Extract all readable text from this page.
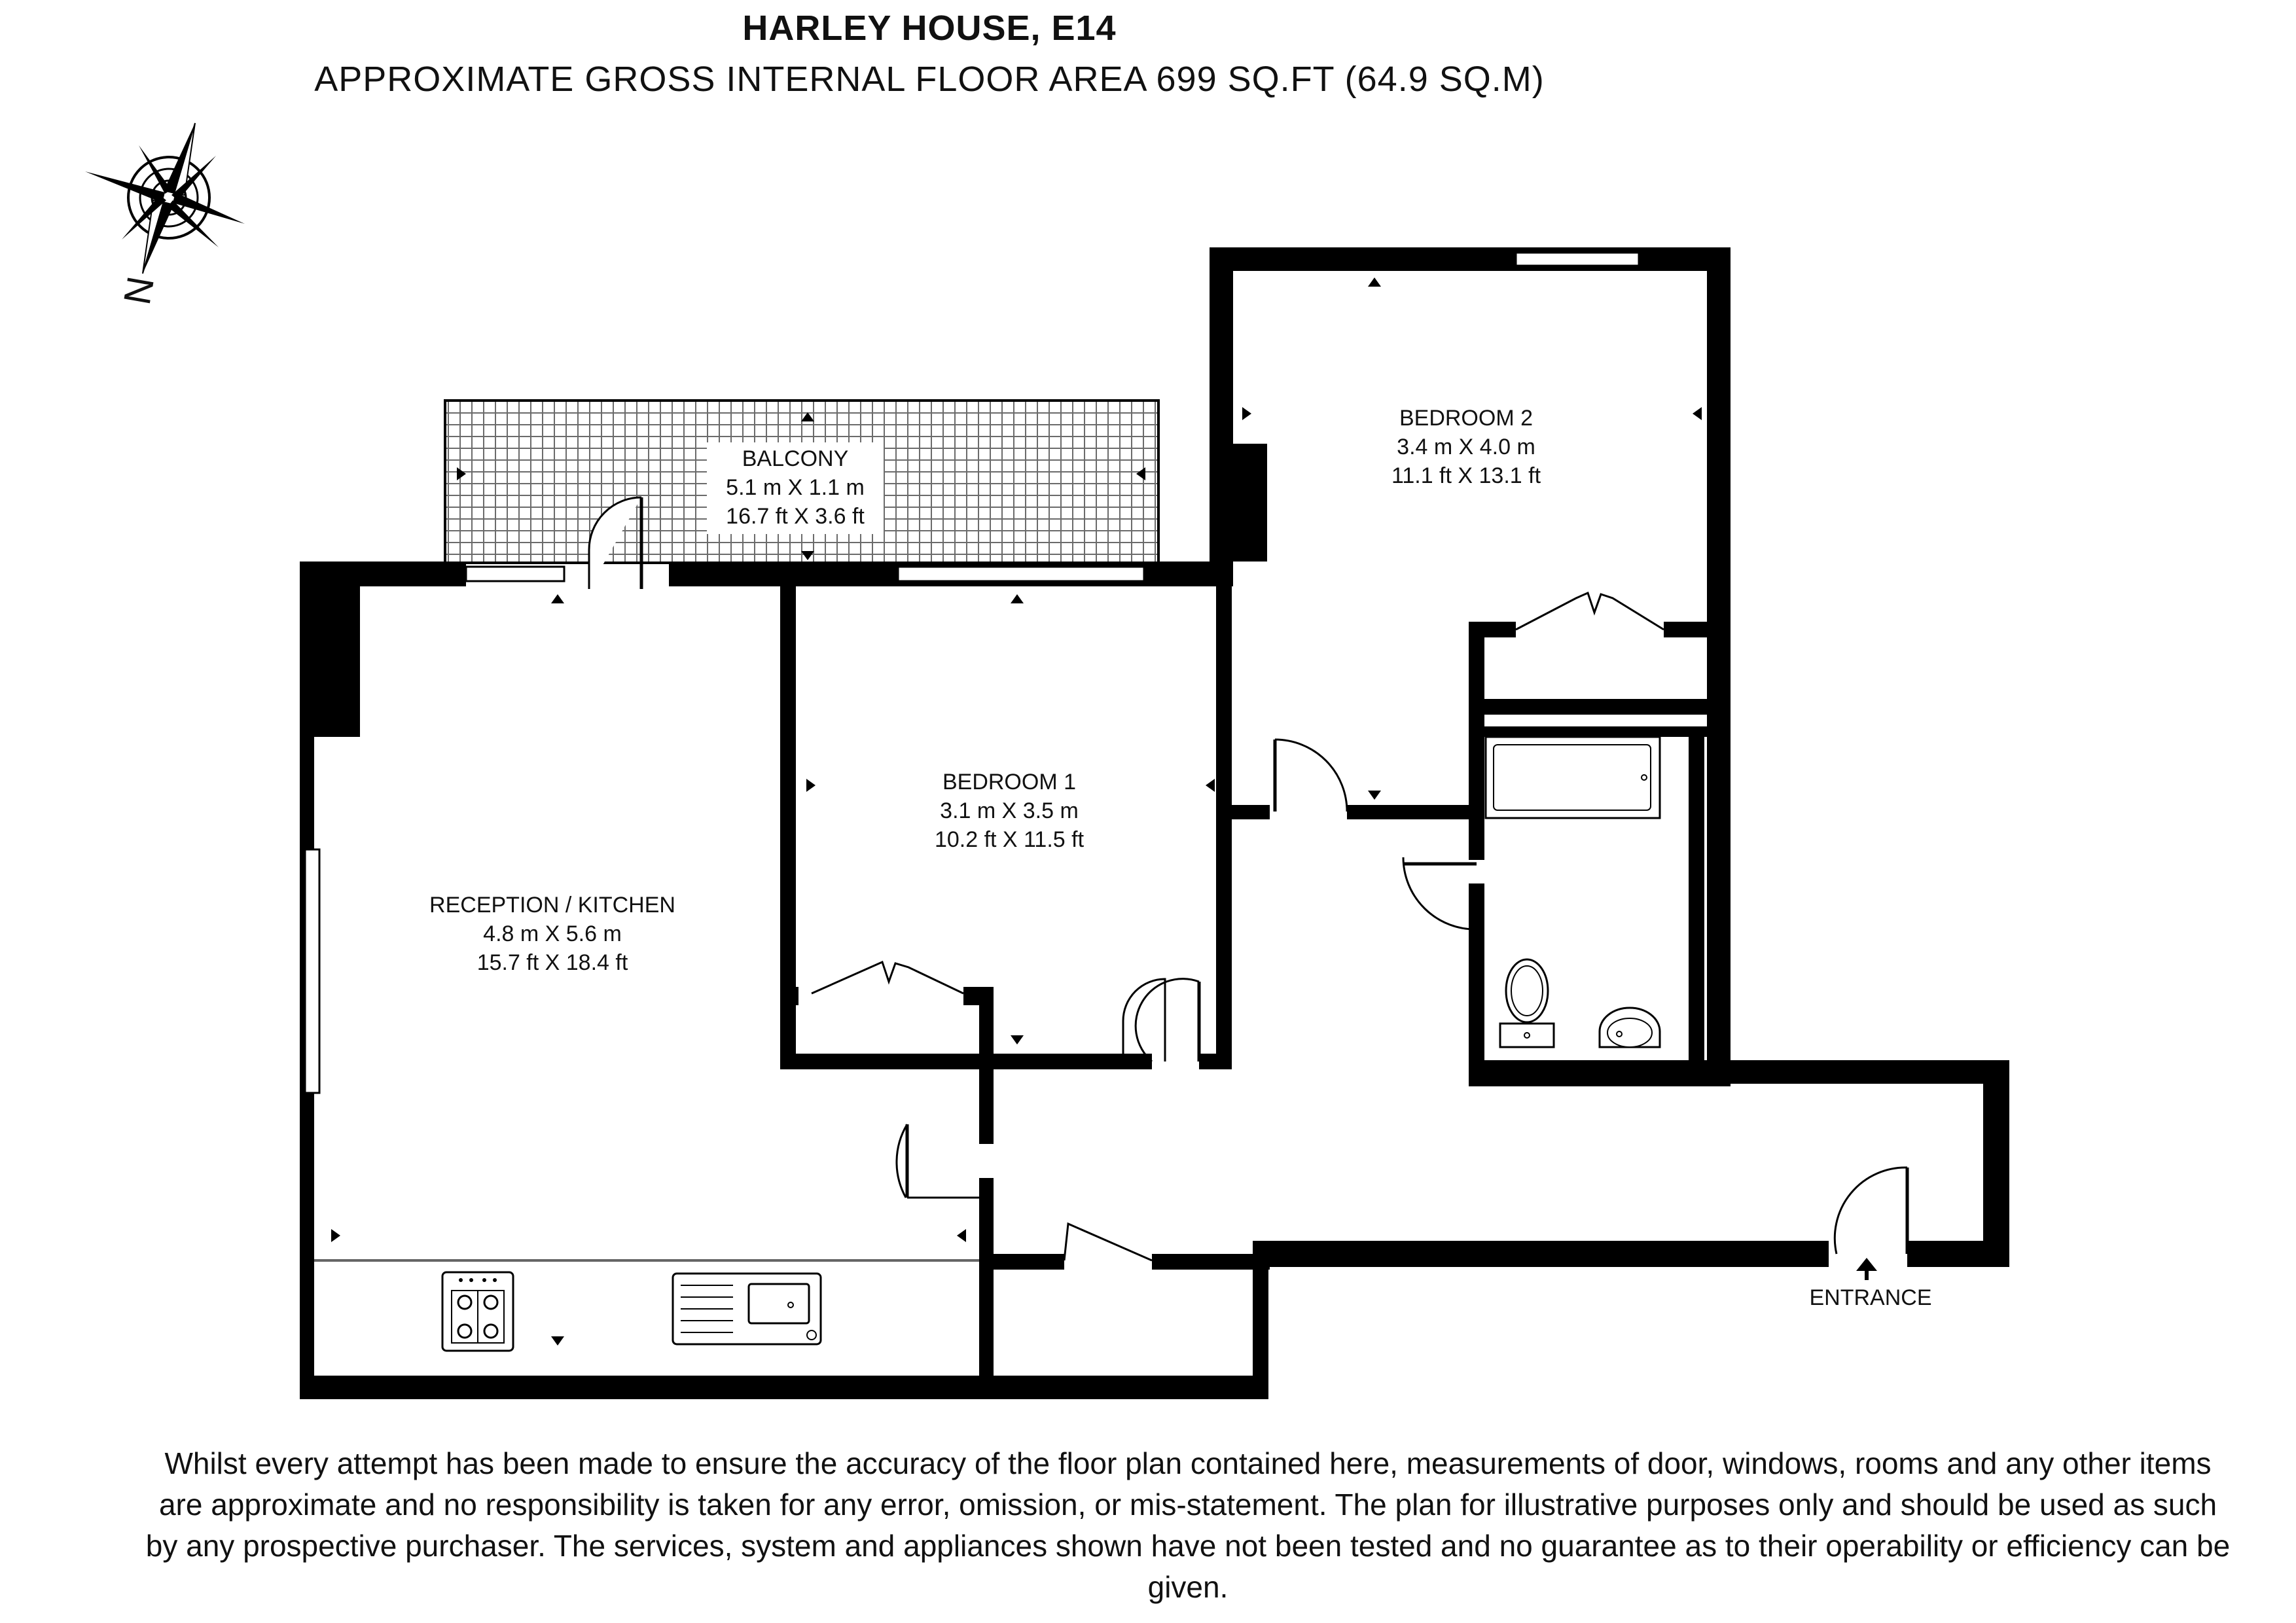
HARLEY HOUSE, E14
APPROXIMATE GROSS INTERNAL FLOOR AREA 699 SQ.FT (64.9 SQ.M)
N
BALCONY
5.1 m X 1.1 m
16.7 ft X 3.6 ft
BEDROOM 2
3.4 m X 4.0 m
11.1 ft X 13.1 ft
BEDROOM 1
3.1 m X 3.5 m
10.2 ft X 11.5 ft
RECEPTION / KITCHEN
4.8 m X 5.6 m
15.7 ft X 18.4 ft
ENTRANCE
Whilst every attempt has been made to ensure the accuracy of the floor plan contained here, measurements of door, windows, rooms and any other items are approximate and no responsibility is taken for any error, omission, or mis-statement. The plan for illustrative purposes only and should be used as such by any prospective purchaser. The services, system and appliances shown have not been tested and no guarantee as to their operability or efficiency can be given.
